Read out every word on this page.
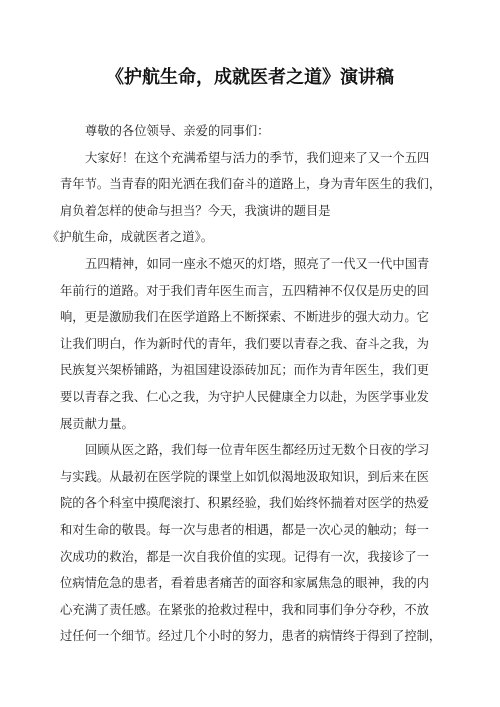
《护航生命，成就医者之道》演讲稿
尊敬的各位领导、亲爱的同事们：
大家好！在这个充满希望与活力的季节，我们迎来了又一个五四
青年节。当青春的阳光洒在我们奋斗的道路上，身为青年医生的我们，
肩负着怎样的使命与担当？今天，我演讲的题目是
《护航生命，成就医者之道》。
五四精神，如同一座永不熄灭的灯塔，照亮了一代又一代中国青
年前行的道路。对于我们青年医生而言，五四精神不仅仅是历史的回
响，更是激励我们在医学道路上不断探索、不断进步的强大动力。它
让我们明白，作为新时代的青年，我们要以青春之我、奋斗之我，为
民族复兴架桥铺路，为祖国建设添砖加瓦；而作为青年医生，我们更
要以青春之我、仁心之我，为守护人民健康全力以赴，为医学事业发
展贡献力量。
回顾从医之路，我们每一位青年医生都经历过无数个日夜的学习
与实践。从最初在医学院的课堂上如饥似渴地汲取知识，到后来在医
院的各个科室中摸爬滚打、积累经验，我们始终怀揣着对医学的热爱
和对生命的敬畏。每一次与患者的相遇，都是一次心灵的触动；每一
次成功的救治，都是一次自我价值的实现。记得有一次，我接诊了一
位病情危急的患者，看着患者痛苦的面容和家属焦急的眼神，我的内
心充满了责任感。在紧张的抢救过程中，我和同事们争分夺秒，不放
过任何一个细节。经过几个小时的努力，患者的病情终于得到了控制，
